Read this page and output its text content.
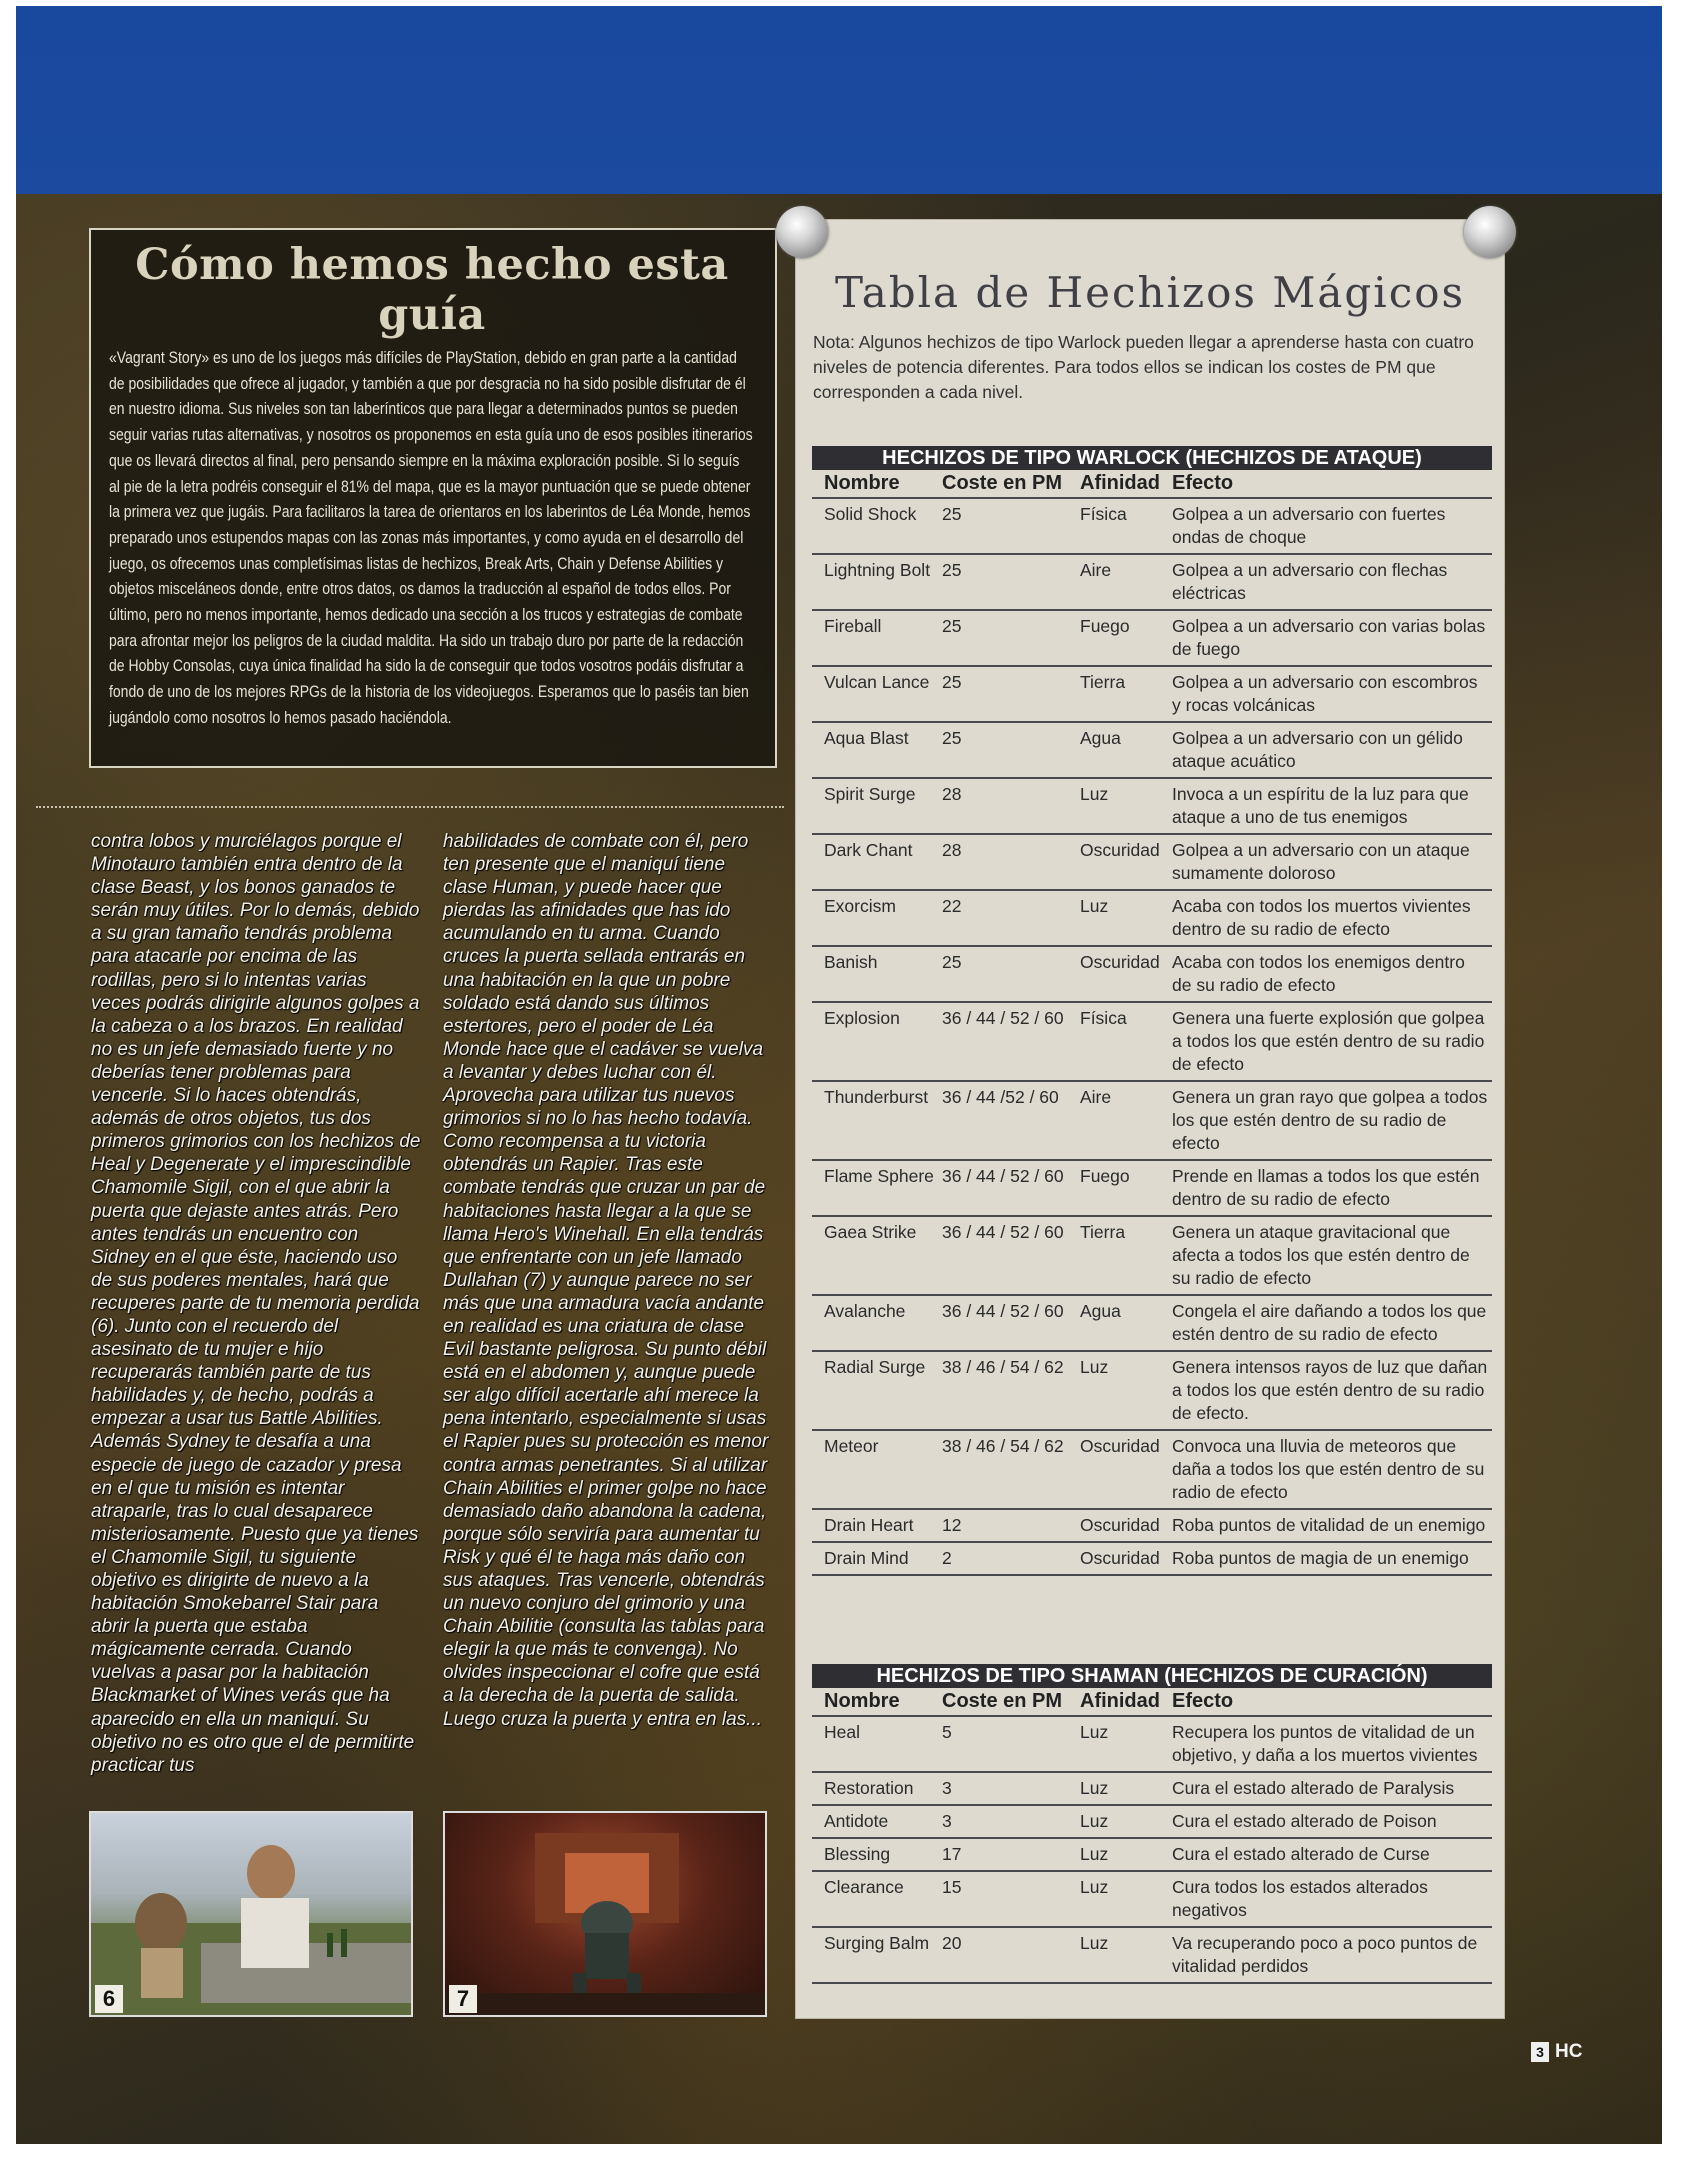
Cómo hemos hecho esta guía

«Vagrant Story» es uno de los juegos más difíciles de PlayStation, debido en gran parte a la cantidad de posibilidades que ofrece al jugador, y también a que por desgracia no ha sido posible disfrutar de él en nuestro idioma. Sus niveles son tan laberínticos que para llegar a determinados puntos se pueden seguir varias rutas alternativas, y nosotros os proponemos en esta guía uno de esos posibles itinerarios que os llevará directos al final, pero pensando siempre en la máxima exploración posible. Si lo seguís al pie de la letra podréis conseguir el 81% del mapa, que es la mayor puntuación que se puede obtener la primera vez que jugáis. Para facilitaros la tarea de orientaros en los laberintos de Léa Monde, hemos preparado unos estupendos mapas con las zonas más importantes, y como ayuda en el desarrollo del juego, os ofrecemos unas completísimas listas de hechizos, Break Arts, Chain y Defense Abilities y objetos misceláneos donde, entre otros datos, os damos la traducción al español de todos ellos. Por último, pero no menos importante, hemos dedicado una sección a los trucos y estrategias de combate para afrontar mejor los peligros de la ciudad maldita. Ha sido un trabajo duro por parte de la redacción de Hobby Consolas, cuya única finalidad ha sido la de conseguir que todos vosotros podáis disfrutar a fondo de uno de los mejores RPGs de la historia de los videojuegos. Esperamos que lo paséis tan bien jugándolo como nosotros lo hemos pasado haciéndola.

contra lobos y murciélagos porque el Minotauro también entra dentro de la clase Beast, y los bonos ganados te serán muy útiles. Por lo demás, debido a su gran tamaño tendrás problema para atacarle por encima de las rodillas, pero si lo intentas varias veces podrás dirigirle algunos golpes a la cabeza o a los brazos. En realidad no es un jefe demasiado fuerte y no deberías tener problemas para vencerle. Si lo haces obtendrás, además de otros objetos, tus dos primeros grimorios con los hechizos de Heal y Degenerate y el imprescindible Chamomile Sigil, con el que abrir la puerta que dejaste antes atrás. Pero antes tendrás un encuentro con Sidney en el que éste, haciendo uso de sus poderes mentales, hará que recuperes parte de tu memoria perdida (6). Junto con el recuerdo del asesinato de tu mujer e hijo recuperarás también parte de tus habilidades y, de hecho, podrás a empezar a usar tus Battle Abilities. Además Sydney te desafía a una especie de juego de cazador y presa en el que tu misión es intentar atraparle, tras lo cual desaparece misteriosamente. Puesto que ya tienes el Chamomile Sigil, tu siguiente objetivo es dirigirte de nuevo a la habitación Smokebarrel Stair para abrir la puerta que estaba mágicamente cerrada. Cuando vuelvas a pasar por la habitación Blackmarket of Wines verás que ha aparecido en ella un maniquí. Su objetivo no es otro que el de permitirte practicar tus

habilidades de combate con él, pero ten presente que el maniquí tiene clase Human, y puede hacer que pierdas las afinidades que has ido acumulando en tu arma. Cuando cruces la puerta sellada entrarás en una habitación en la que un pobre soldado está dando sus últimos estertores, pero el poder de Léa Monde hace que el cadáver se vuelva a levantar y debes luchar con él. Aprovecha para utilizar tus nuevos grimorios si no lo has hecho todavía. Como recompensa a tu victoria obtendrás un Rapier. Tras este combate tendrás que cruzar un par de habitaciones hasta llegar a la que se llama Hero's Winehall. En ella tendrás que enfrentarte con un jefe llamado Dullahan (7) y aunque parece no ser más que una armadura vacía andante en realidad es una criatura de clase Evil bastante peligrosa. Su punto débil está en el abdomen y, aunque puede ser algo difícil acertarle ahí merece la pena intentarlo, especialmente si usas el Rapier pues su protección es menor contra armas penetrantes. Si al utilizar Chain Abilities el primer golpe no hace demasiado daño abandona la cadena, porque sólo serviría para aumentar tu Risk y qué él te haga más daño con sus ataques. Tras vencerle, obtendrás un nuevo conjuro del grimorio y una Chain Abilitie (consulta las tablas para elegir la que más te convenga). No olvides inspeccionar el cofre que está a la derecha de la puerta de salida. Luego cruza la puerta y entra en las...

6	7
Tabla de Hechizos Mágicos

Nota: Algunos hechizos de tipo Warlock pueden llegar a aprenderse hasta con cuatro niveles de potencia diferentes. Para todos ellos se indican los costes de PM que corresponden a cada nivel.

HECHIZOS DE TIPO WARLOCK (HECHIZOS DE ATAQUE)			
Nombre	Coste en PM	Afinidad	Efecto
Solid Shock	25	Física	Golpea a un adversario con fuertes ondas de choque
Lightning Bolt	25	Aire	Golpea a un adversario con flechas eléctricas
Fireball	25	Fuego	Golpea a un adversario con varias bolas de fuego
Vulcan Lance	25	Tierra	Golpea a un adversario con escombros y rocas volcánicas
Aqua Blast	25	Agua	Golpea a un adversario con un gélido ataque acuático
Spirit Surge	28	Luz	Invoca a un espíritu de la luz para que ataque a uno de tus enemigos
Dark Chant	28	Oscuridad	Golpea a un adversario con un ataque sumamente doloroso
Exorcism	22	Luz	Acaba con todos los muertos vivientes dentro de su radio de efecto
Banish	25	Oscuridad	Acaba con todos los enemigos dentro de su radio de efecto
Explosion	36 / 44 / 52 / 60	Física	Genera una fuerte explosión que golpea a todos los que estén dentro de su radio de efecto
Thunderburst	36 / 44 /52 / 60	Aire	Genera un gran rayo que golpea a todos los que estén dentro de su radio de efecto
Flame Sphere	36 / 44 / 52 / 60	Fuego	Prende en llamas a todos los que estén dentro de su radio de efecto
Gaea Strike	36 / 44 / 52 / 60	Tierra	Genera un ataque gravitacional que afecta a todos los que estén dentro de su radio de efecto
Avalanche	36 / 44 / 52 / 60	Agua	Congela el aire dañando a todos los que estén dentro de su radio de efecto
Radial Surge	38 / 46 / 54 / 62	Luz	Genera intensos rayos de luz que dañan a todos los que estén dentro de su radio de efecto.
Meteor	38 / 46 / 54 / 62	Oscuridad	Convoca una lluvia de meteoros que daña a todos los que estén dentro de su radio de efecto
Drain Heart	12	Oscuridad	Roba puntos de vitalidad de un enemigo
Drain Mind	2	Oscuridad	Roba puntos de magia de un enemigo
HECHIZOS DE TIPO SHAMAN (HECHIZOS DE CURACIÓN)			
Nombre	Coste en PM	Afinidad	Efecto
Heal	5	Luz	Recupera los puntos de vitalidad de un objetivo, y daña a los muertos vivientes
Restoration	3	Luz	Cura el estado alterado de Paralysis
Antidote	3	Luz	Cura el estado alterado de Poison
Blessing	17	Luz	Cura el estado alterado de Curse
Clearance	15	Luz	Cura todos los estados alterados negativos
Surging Balm	20	Luz	Va recuperando poco a poco puntos de vitalidad perdidos
3 HC
